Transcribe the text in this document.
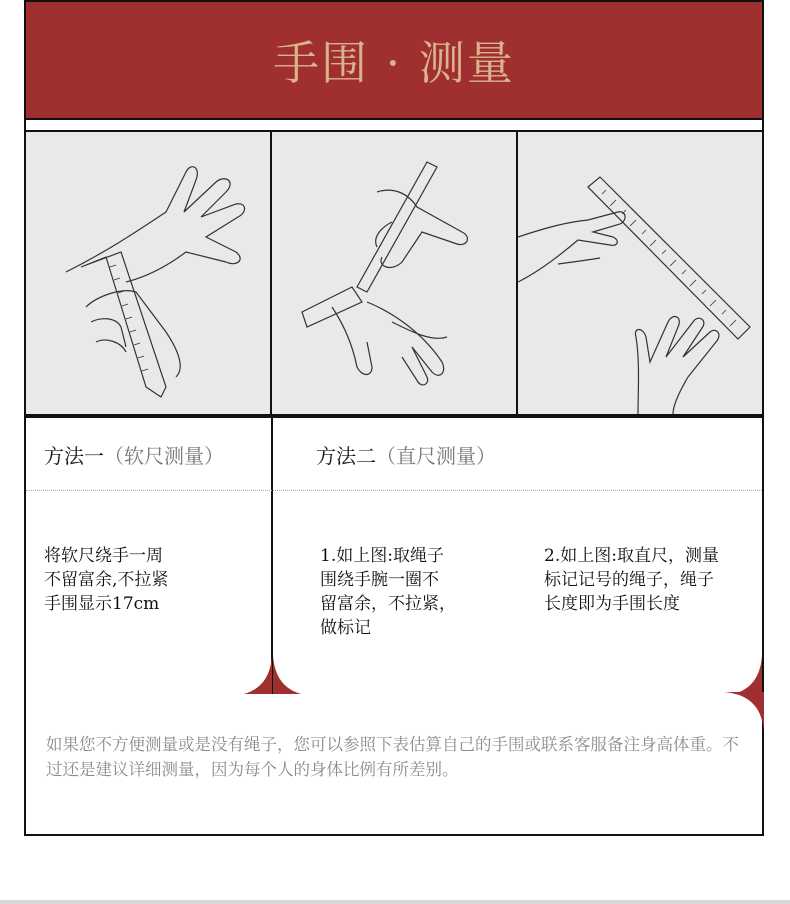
手围 · 测量
方法一（软尺测量）	方法二（直尺测量）
将软尺绕手一周
不留富余,不拉紧
手围显示17cm
1.如上图:取绳子
围绕手腕一圈不
留富余，不拉紧，
做标记
2.如上图:取直尺，测量
标记记号的绳子，绳子
长度即为手围长度
如果您不方便测量或是没有绳子，您可以参照下表估算自己的手围或联系客服备注身高体重。不过还是建议详细测量，因为每个人的身体比例有所差别。
